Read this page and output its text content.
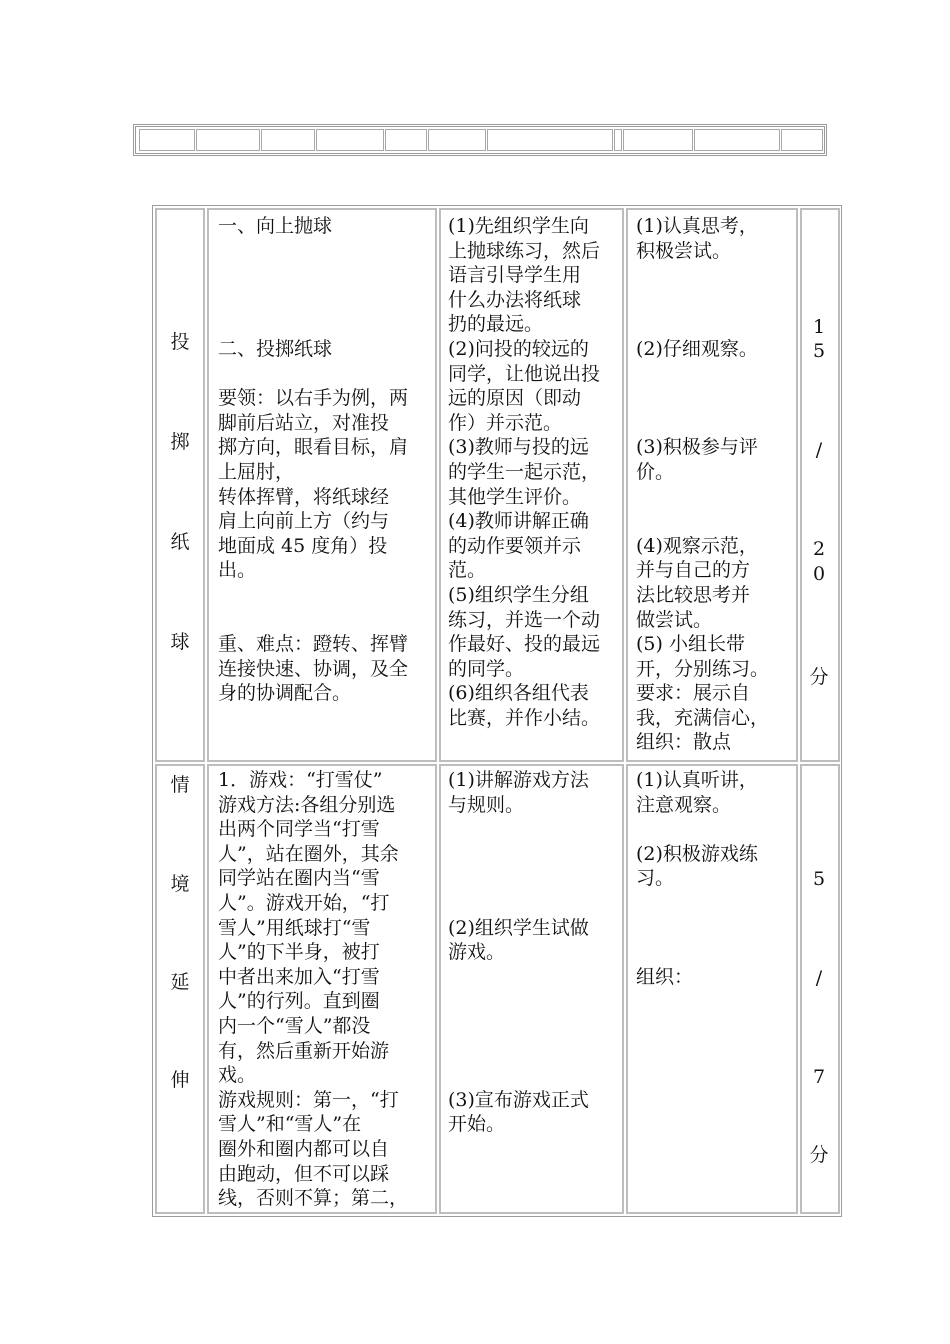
投
掷
纸
球
一、向上抛球

二、投掷纸球

要领：以右手为例，两
脚前后站立，对准投
掷方向，眼看目标，肩
上屈肘，
转体挥臂，将纸球经
肩上向前上方（约与
地面成 45 度角）投
出。

重、难点：蹬转、挥臂
连接快速、协调，及全
身的协调配合。
(1)先组织学生向
上抛球练习，然后
语言引导学生用
什么办法将纸球
扔的最远。
(2)问投的较远的
同学，让他说出投
远的原因（即动
作）并示范。
(3)教师与投的远
的学生一起示范，
其他学生评价。
(4)教师讲解正确
的动作要领并示
范。
(5)组织学生分组
练习，并选一个动
作最好、投的最远
的同学。
(6)组织各组代表
比赛，并作小结。
(1)认真思考，
积极尝试。

(2)仔细观察。

(3)积极参与评
价。

(4)观察示范，
并与自己的方
法比较思考并
做尝试。
(5) 小组长带
开，分别练习。
要求：展示自
我，充满信心，
组织：散点
1
5
/
2
0
分
情
境
延
伸
1．游戏：“打雪仗”
游戏方法:各组分别选
出两个同学当“打雪
人”，站在圈外，其余
同学站在圈内当“雪
人”。游戏开始，“打
雪人”用纸球打“雪
人”的下半身，被打
中者出来加入“打雪
人”的行列。直到圈
内一个“雪人”都没
有，然后重新开始游
戏。
游戏规则：第一，“打
雪人”和“雪人”在
圈外和圈内都可以自
由跑动，但不可以踩
线，否则不算；第二，
(1)讲解游戏方法
与规则。

(2)组织学生试做
游戏。

(3)宣布游戏正式
开始。
(1)认真听讲，
注意观察。

(2)积极游戏练
习。

组织：
5
/
7
分
